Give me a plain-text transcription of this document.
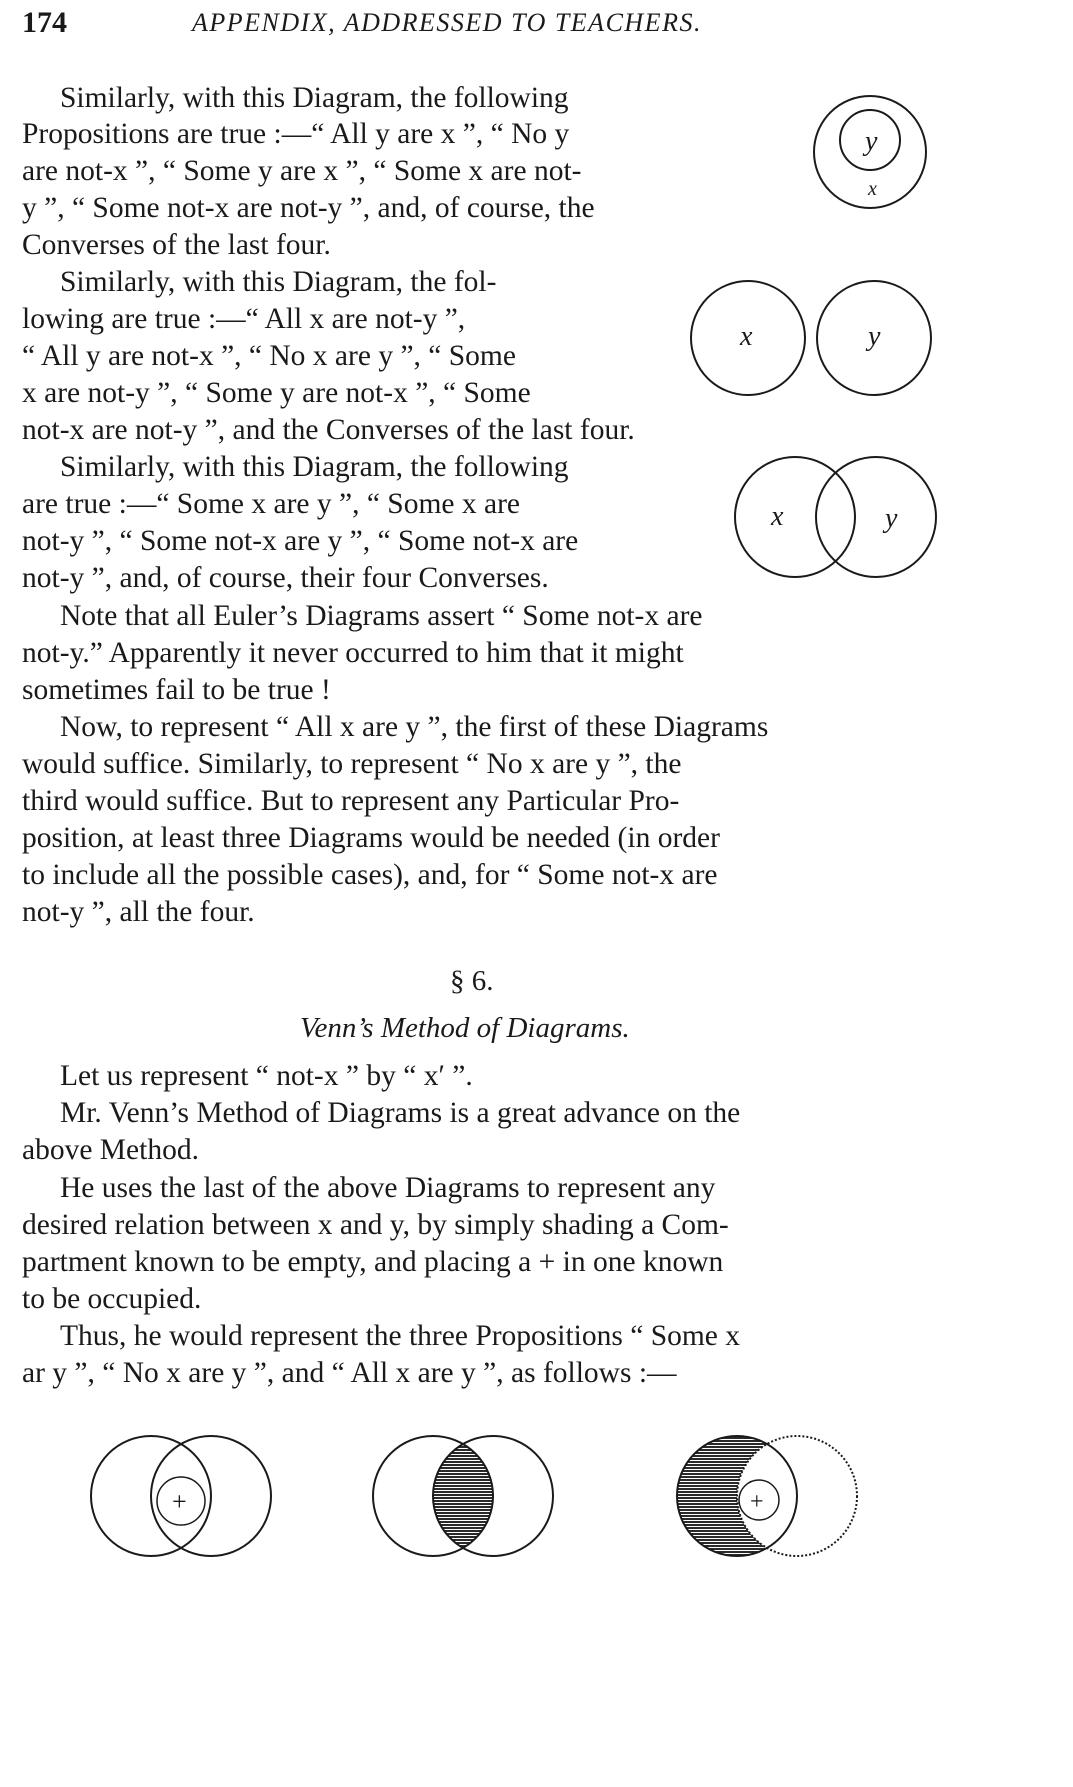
174	APPENDIX, ADDRESSED TO TEACHERS.
Similarly, with this Diagram, the following
Propositions are true :—“ All y are x ”, “ No y
are not-x ”, “ Some y are x ”, “ Some x are not-
y ”, “ Some not-x are not-y ”, and, of course, the
Converses of the last four.
y
x
Similarly, with this Diagram, the fol-
lowing are true :—“ All x are not-y ”,
“ All y are not-x ”, “ No x are y ”, “ Some
x are not-y ”, “ Some y are not-x ”, “ Some
not-x are not-y ”, and the Converses of the last four.
x	y
Similarly, with this Diagram, the following
are true :—“ Some x are y ”, “ Some x are
not-y ”, “ Some not-x are y ”, “ Some not-x are
not-y ”, and, of course, their four Converses.
x	y
Note that all Euler’s Diagrams assert “ Some not-x are
not-y.” Apparently it never occurred to him that it might
sometimes fail to be true !
Now, to represent “ All x are y ”, the first of these Diagrams
would suffice. Similarly, to represent “ No x are y ”, the
third would suffice. But to represent any Particular Pro-
position, at least three Diagrams would be needed (in order
to include all the possible cases), and, for “ Some not-x are
not-y ”, all the four.
§ 6.
Venn’s Method of Diagrams.
Let us represent “ not-x ” by “ x′ ”.
Mr. Venn’s Method of Diagrams is a great advance on the
above Method.
He uses the last of the above Diagrams to represent any
desired relation between x and y, by simply shading a Com-
partment known to be empty, and placing a + in one known
to be occupied.
Thus, he would represent the three Propositions “ Some x
ar y ”, “ No x are y ”, and “ All x are y ”, as follows :—
+	+
